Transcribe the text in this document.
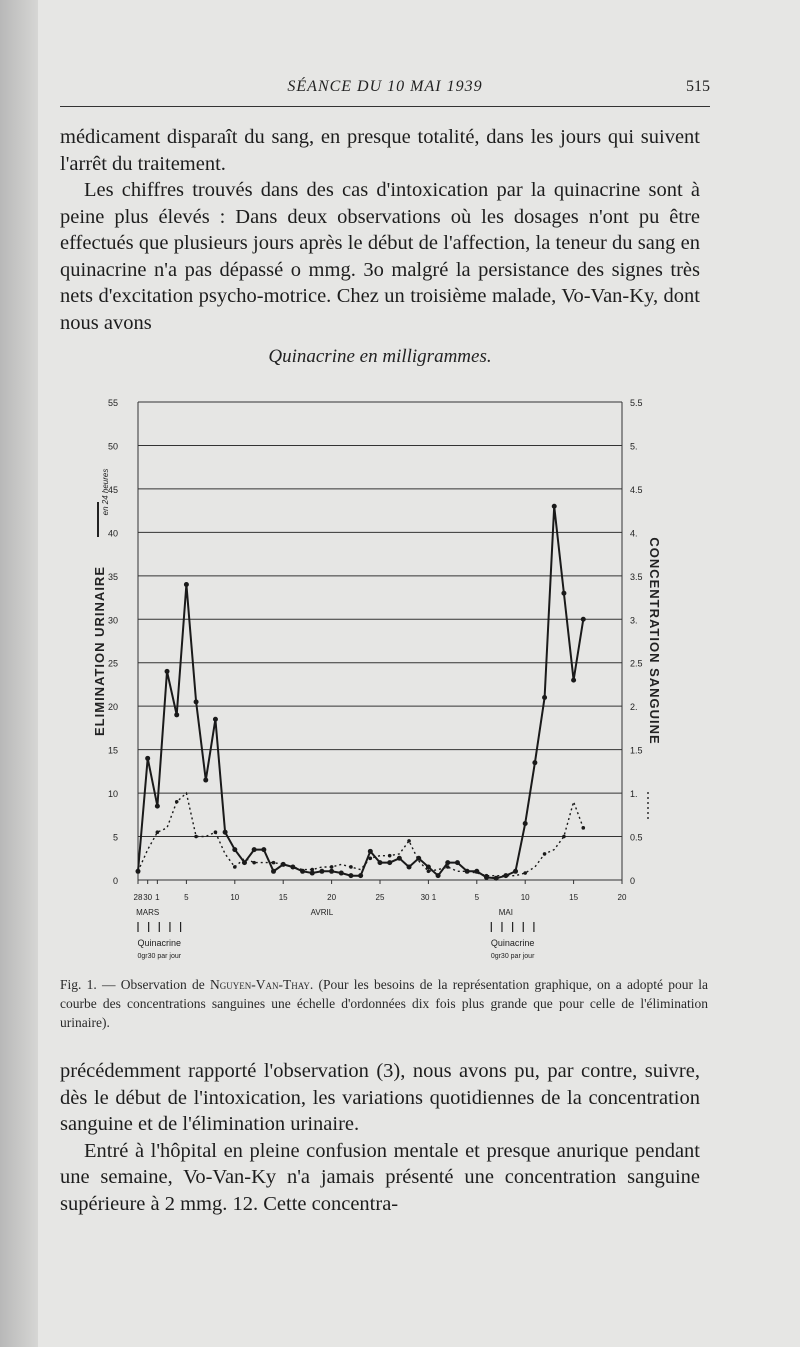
SÉANCE DU 10 MAI 1939	515

médicament disparaît du sang, en presque totalité, dans les jours qui suivent l'arrêt du traitement.

Les chiffres trouvés dans des cas d'intoxication par la quinacrine sont à peine plus élevés : Dans deux observations où les dosages n'ont pu être effectués que plusieurs jours après le début de l'affection, la teneur du sang en quinacrine n'a pas dépassé o mmg. 3o malgré la persistance des signes très nets d'excitation psycho-motrice. Chez un troisième malade, Vo-Van-Ky, dont nous avons

Quinacrine en milligrammes.
0
5
10
15
20
25
30
35
40
45
50
55
0
0.5
1.
1.5
2.
2.5
3.
3.5
4.
4.5
5.
5.5
28 30 1	5	10	15	20	25	30 1	5	10	15	20
MARS	AVRIL	MAI
Quinacrine
0gr30 par jour
Quinacrine
0gr30 par jour
ELIMINATION URINAIRE
en 24 heures
CONCENTRATION SANGUINE
Fig. 1. — Observation de Nguyen-Van-Thay. (Pour les besoins de la représentation graphique, on a adopté pour la courbe des concentrations sanguines une échelle d'ordonnées dix fois plus grande que pour celle de l'élimination urinaire).

précédemment rapporté l'observation (3), nous avons pu, par contre, suivre, dès le début de l'intoxication, les variations quotidiennes de la concentration sanguine et de l'élimination urinaire.

Entré à l'hôpital en pleine confusion mentale et presque anurique pendant une semaine, Vo-Van-Ky n'a jamais présenté une concentration sanguine supérieure à 2 mmg. 12. Cette concentra-
